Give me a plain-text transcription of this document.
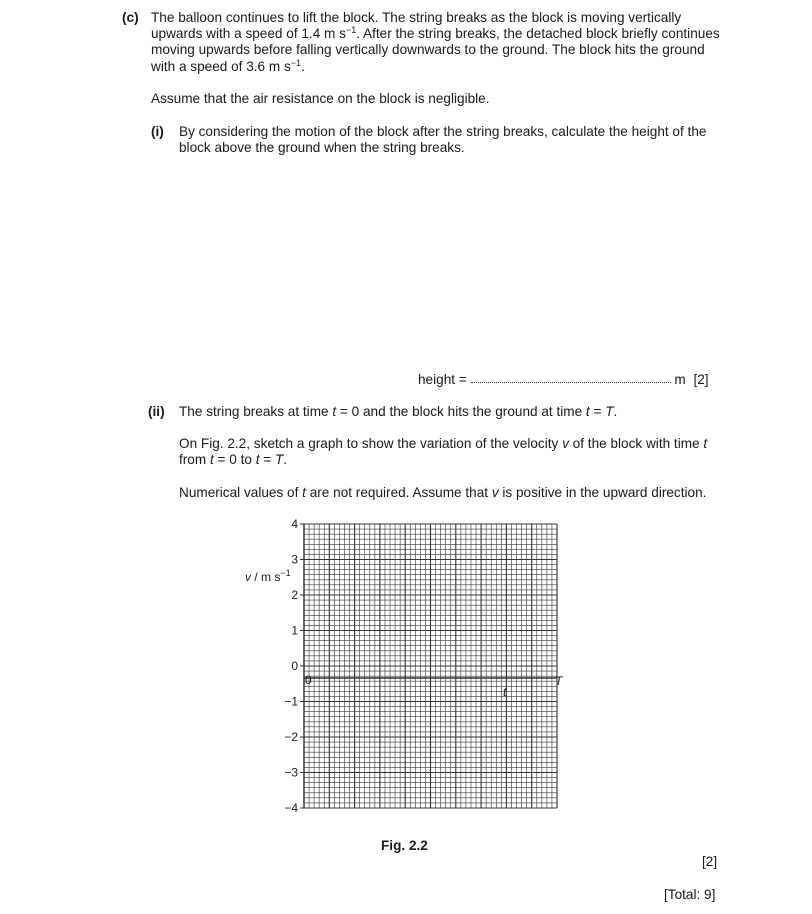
(c) The balloon continues to lift the block. The string breaks as the block is moving vertically
upwards with a speed of 1.4 m $s^{-1}$. After the string breaks, the detached block briefly continues
moving upwards before falling vertically downwards to the ground. The block hits the ground
with a speed of 3.6 m $s^{-1}$.
Assume that the air resistance on the block is negligible.
(i) By considering the motion of the block after the string breaks, calculate the height of the
block above the ground when the string breaks.
height =	m [2]
(ii) The string breaks at time t = 0 and the block hits the ground at time t = T.
On Fig. 2.2, sketch a graph to show the variation of the velocity v of the block with time t
from t = 0 to t = T.
Numerical values of t are not required. Assume that v is positive in the upward direction.
4
3
2
1
0
−1
−2
−3
−4
v / m $s^{-1}$
0
t
T
Fig. 2.2
[2]
[Total: 9]
